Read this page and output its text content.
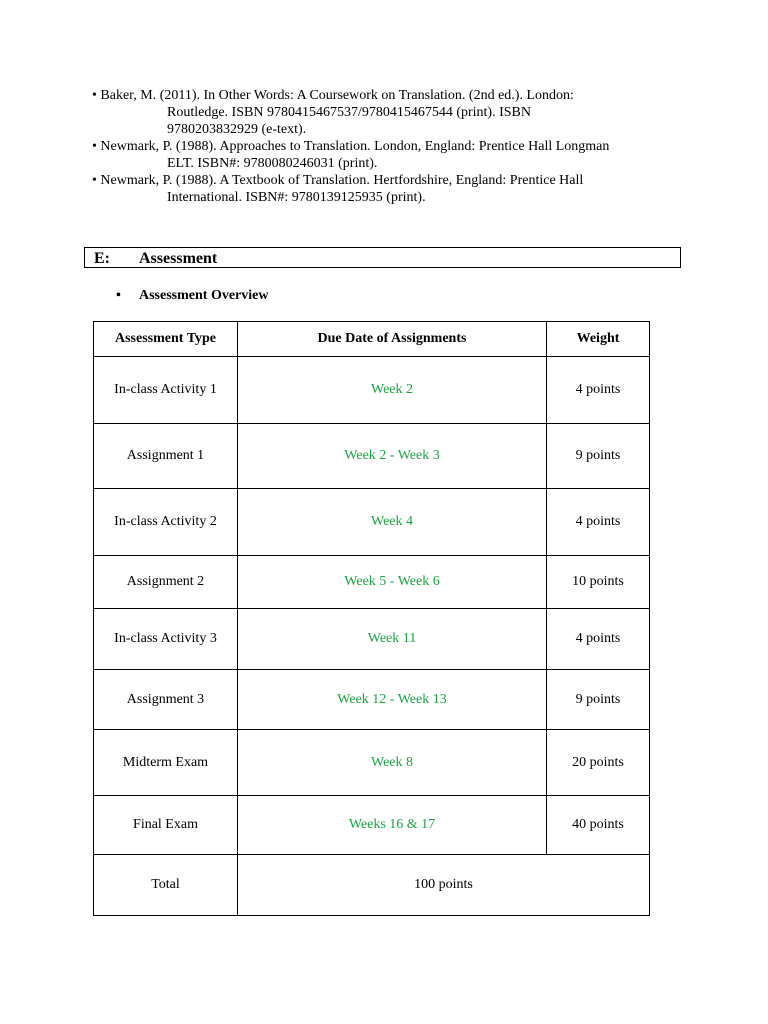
• Baker, M. (2011). In Other Words: A Coursework on Translation. (2nd ed.). London:
Routledge. ISBN 9780415467537/9780415467544 (print). ISBN
9780203832929 (e-text).

• Newmark, P. (1988). Approaches to Translation. London, England: Prentice Hall Longman
ELT. ISBN#: 9780080246031 (print).

• Newmark, P. (1988). A Textbook of Translation. Hertfordshire, England: Prentice Hall
International. ISBN#: 9780139125935 (print).

E: Assessment
• Assessment Overview
Assessment Type	Due Date of Assignments	Weight
In-class Activity 1	Week 2	4 points
Assignment 1	Week 2 - Week 3	9 points
In-class Activity 2	Week 4	4 points
Assignment 2	Week 5 - Week 6	10 points
In-class Activity 3	Week 11	4 points
Assignment 3	Week 12 - Week 13	9 points
Midterm Exam	Week 8	20 points
Final Exam	Weeks 16 & 17	40 points
Total	100 points	
